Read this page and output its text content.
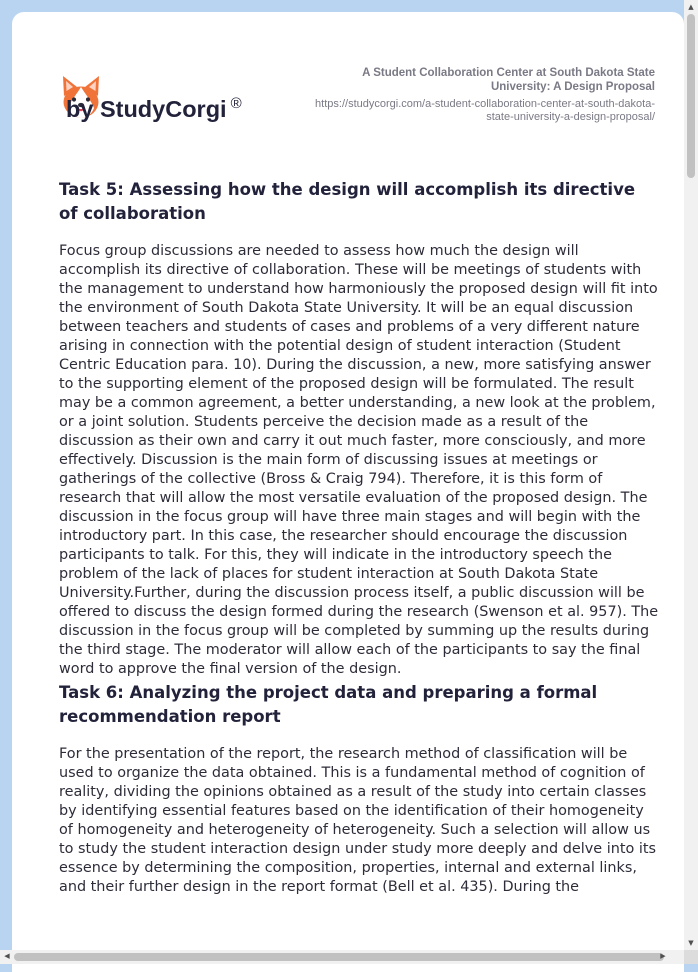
by StudyCorgi ®

A Student Collaboration Center at South Dakota State University: A Design Proposal
https://studycorgi.com/a-student-collaboration-center-at-south-dakota-state-university-a-design-proposal/
Task 5: Assessing how the design will accomplish its directive of collaboration

Focus group discussions are needed to assess how much the design will accomplish its directive of collaboration. These will be meetings of students with the management to understand how harmoniously the proposed design will fit into the environment of South Dakota State University. It will be an equal discussion between teachers and students of cases and problems of a very different nature arising in connection with the potential design of student interaction (Student Centric Education para. 10). During the discussion, a new, more satisfying answer to the supporting element of the proposed design will be formulated. The result may be a common agreement, a better understanding, a new look at the problem, or a joint solution. Students perceive the decision made as a result of the discussion as their own and carry it out much faster, more consciously, and more effectively. Discussion is the main form of discussing issues at meetings or gatherings of the collective (Bross & Craig 794). Therefore, it is this form of research that will allow the most versatile evaluation of the proposed design. The discussion in the focus group will have three main stages and will begin with the introductory part. In this case, the researcher should encourage the discussion participants to talk. For this, they will indicate in the introductory speech the problem of the lack of places for student interaction at South Dakota State University.Further, during the discussion process itself, a public discussion will be offered to discuss the design formed during the research (Swenson et al. 957). The discussion in the focus group will be completed by summing up the results during the third stage. The moderator will allow each of the participants to say the final word to approve the final version of the design.

Task 6: Analyzing the project data and preparing a formal recommendation report

For the presentation of the report, the research method of classification will be used to organize the data obtained. This is a fundamental method of cognition of reality, dividing the opinions obtained as a result of the study into certain classes by identifying essential features based on the identification of their homogeneity of homogeneity and heterogeneity of heterogeneity. Such a selection will allow us to study the student interaction design under study more deeply and delve into its essence by determining the composition, properties, internal and external links, and their further design in the report format (Bell et al. 435). During the

▲
▼
◀	▶
